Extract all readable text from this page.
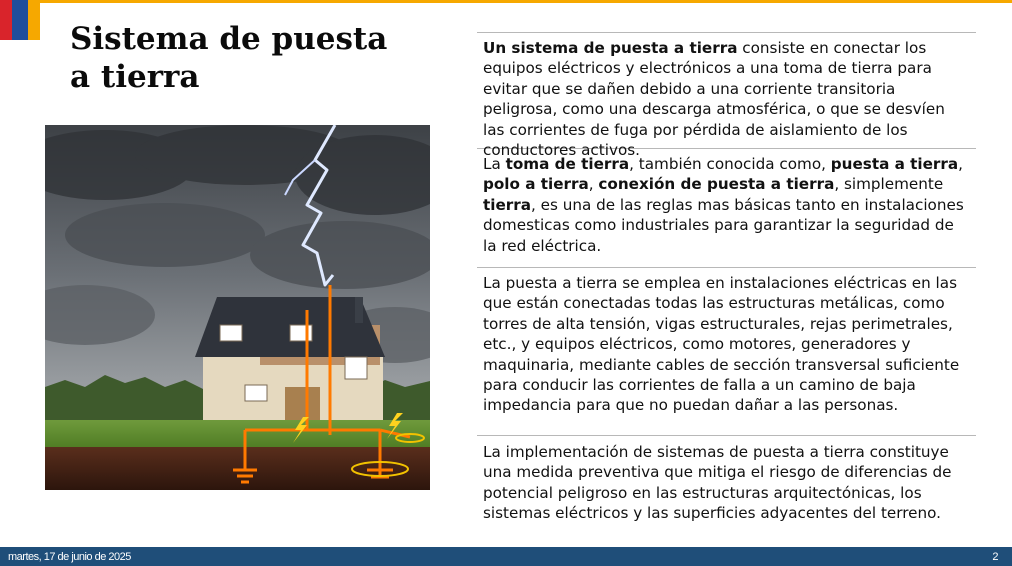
Sistema de puesta
a tierra
Un sistema de puesta a tierra consiste en conectar los equipos eléctricos y electrónicos a una toma de tierra para evitar que se dañen debido a una corriente transitoria peligrosa, como una descarga atmosférica, o que se desvíen las corrientes de fuga por pérdida de aislamiento de los conductores activos.
La toma de tierra, también conocida como, puesta a tierra, polo a tierra, conexión de puesta a tierra, simplemente tierra, es una de las reglas mas básicas tanto en instalaciones domesticas como industriales para garantizar la seguridad de la red eléctrica.
La puesta a tierra se emplea en instalaciones eléctricas en las que están conectadas todas las estructuras metálicas, como torres de alta tensión, vigas estructurales, rejas perimetrales, etc., y equipos eléctricos, como motores, generadores y maquinaria, mediante cables de sección transversal suficiente para conducir las corrientes de falla a un camino de baja impedancia para que no puedan dañar a las personas.
La implementación de sistemas de puesta a tierra constituye una medida preventiva que mitiga el riesgo de diferencias de potencial peligroso en las estructuras arquitectónicas, los sistemas eléctricos y las superficies adyacentes del terreno.
martes, 17 de junio de 2025	2
